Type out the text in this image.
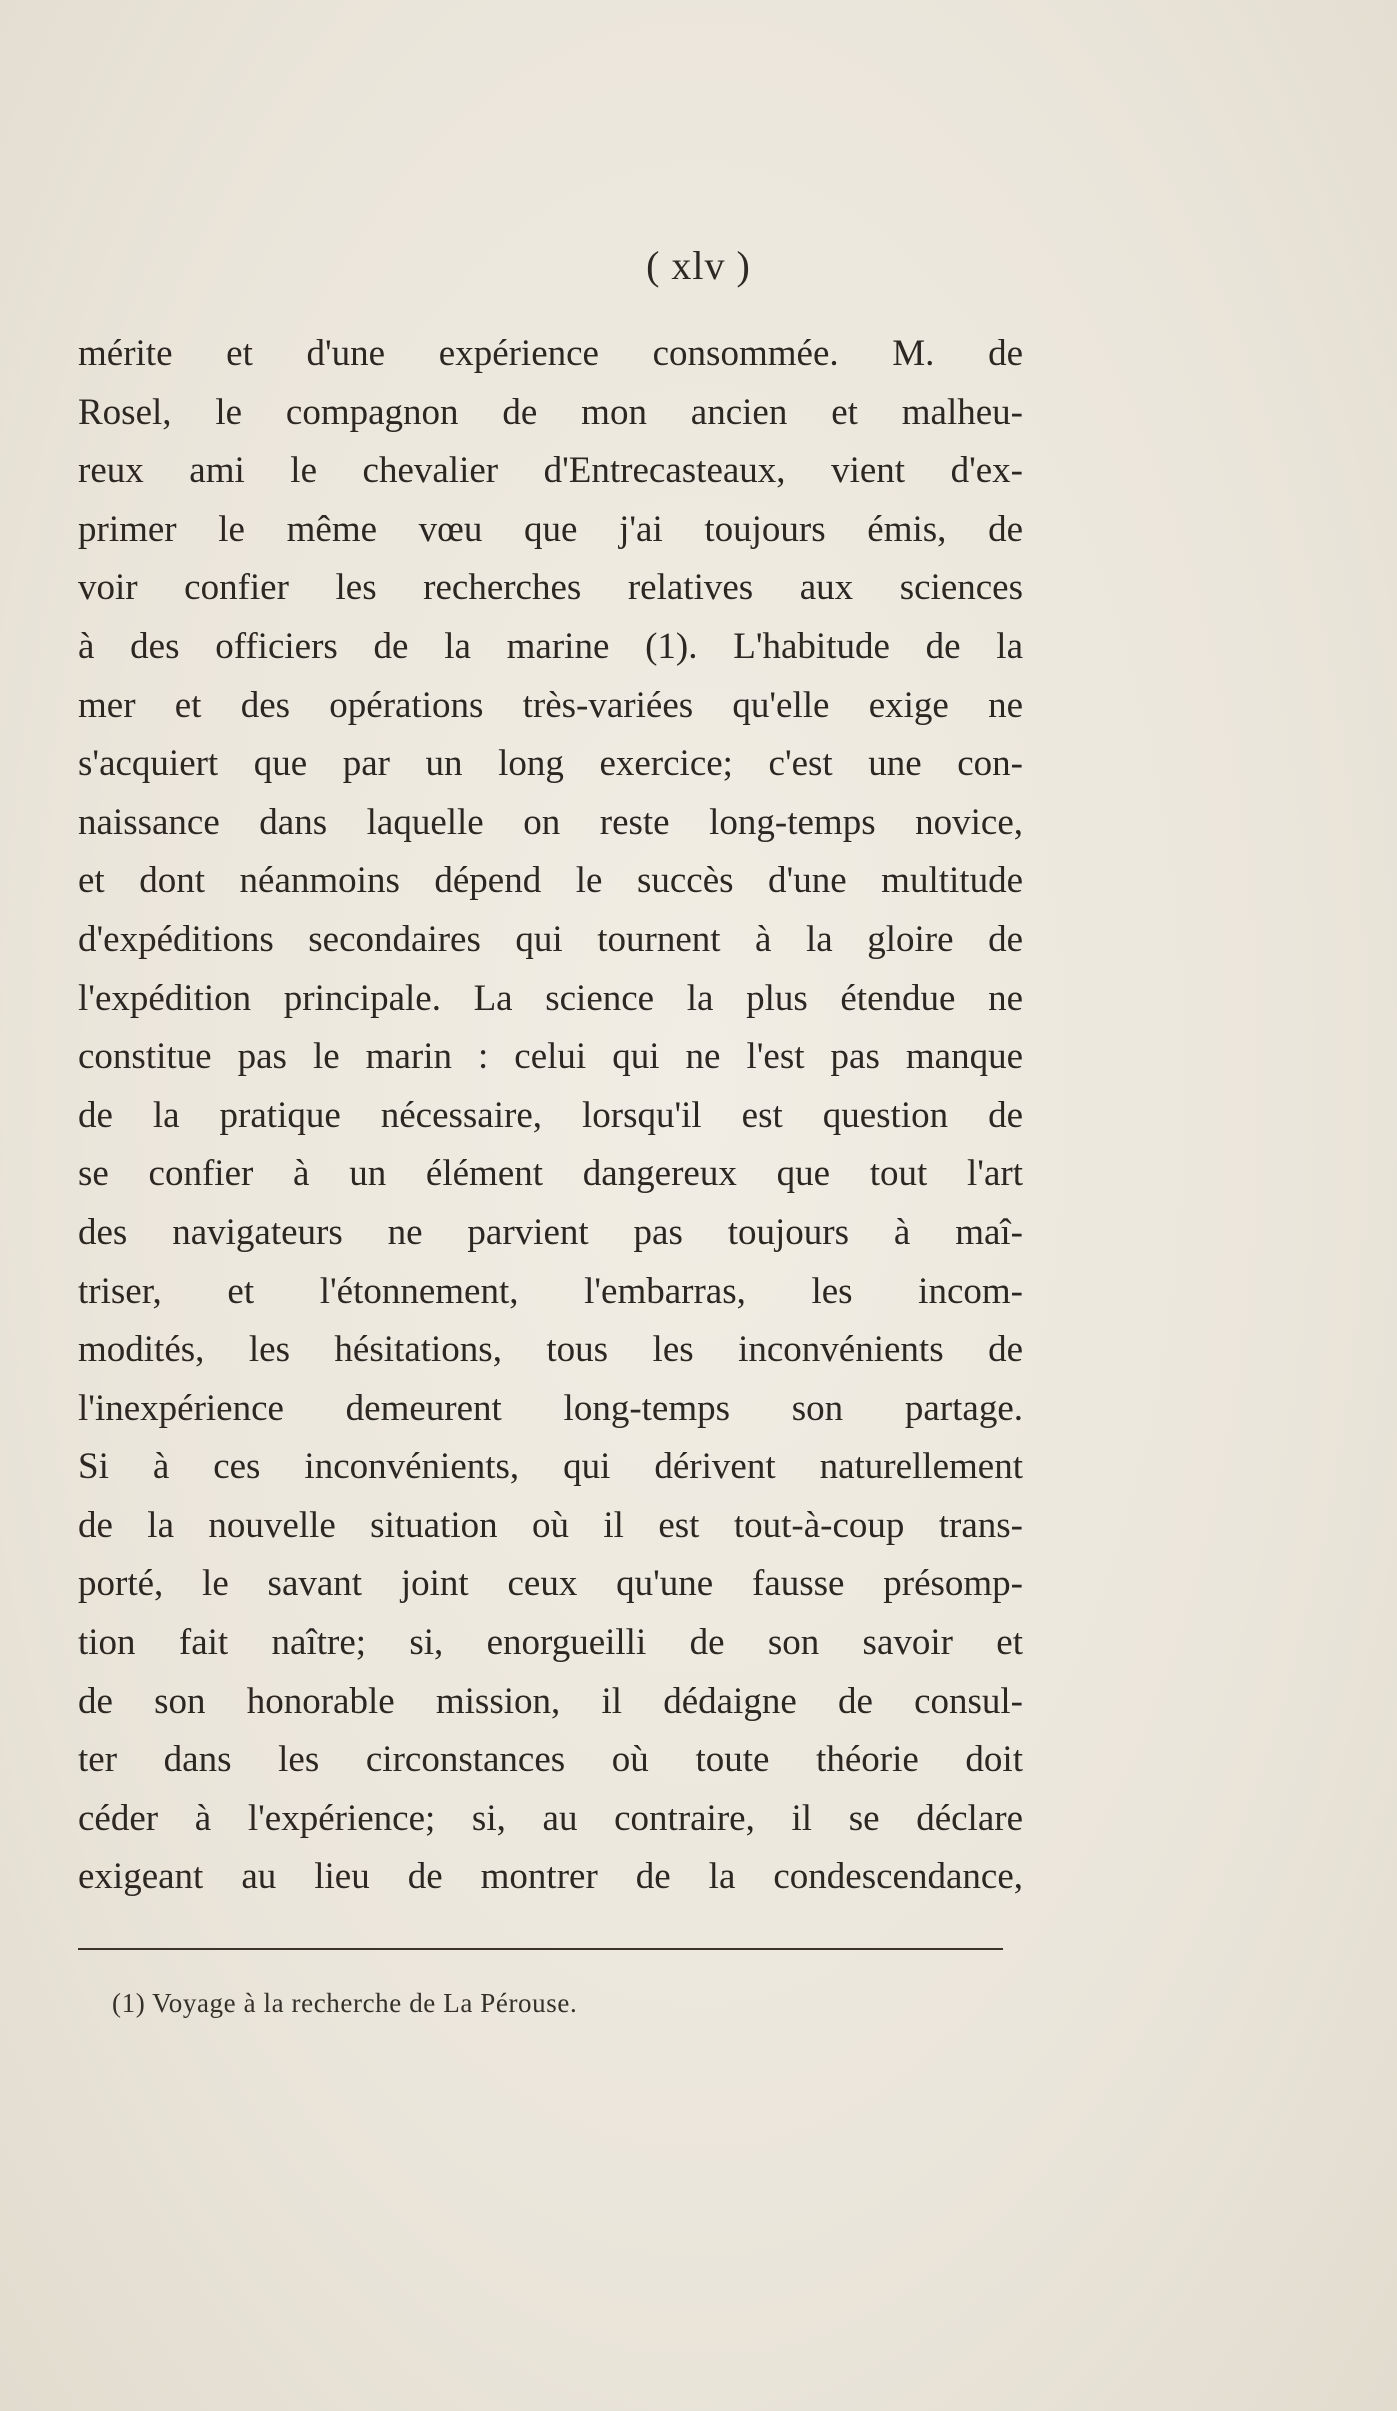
( xlv )
mérite et d'une expérience consommée. M. de
Rosel, le compagnon de mon ancien et malheu-
reux ami le chevalier d'Entrecasteaux, vient d'ex-
primer le même vœu que j'ai toujours émis, de
voir confier les recherches relatives aux sciences
à des officiers de la marine (1). L'habitude de la
mer et des opérations très-variées qu'elle exige ne
s'acquiert que par un long exercice; c'est une con-
naissance dans laquelle on reste long-temps novice,
et dont néanmoins dépend le succès d'une multitude
d'expéditions secondaires qui tournent à la gloire de
l'expédition principale. La science la plus étendue ne
constitue pas le marin : celui qui ne l'est pas manque
de la pratique nécessaire, lorsqu'il est question de
se confier à un élément dangereux que tout l'art
des navigateurs ne parvient pas toujours à maî-
triser, et l'étonnement, l'embarras, les incom-
modités, les hésitations, tous les inconvénients de
l'inexpérience demeurent long-temps son partage.
Si à ces inconvénients, qui dérivent naturellement
de la nouvelle situation où il est tout-à-coup trans-
porté, le savant joint ceux qu'une fausse présomp-
tion fait naître; si, enorgueilli de son savoir et
de son honorable mission, il dédaigne de consul-
ter dans les circonstances où toute théorie doit
céder à l'expérience; si, au contraire, il se déclare
exigeant au lieu de montrer de la condescendance,
(1) Voyage à la recherche de La Pérouse.
